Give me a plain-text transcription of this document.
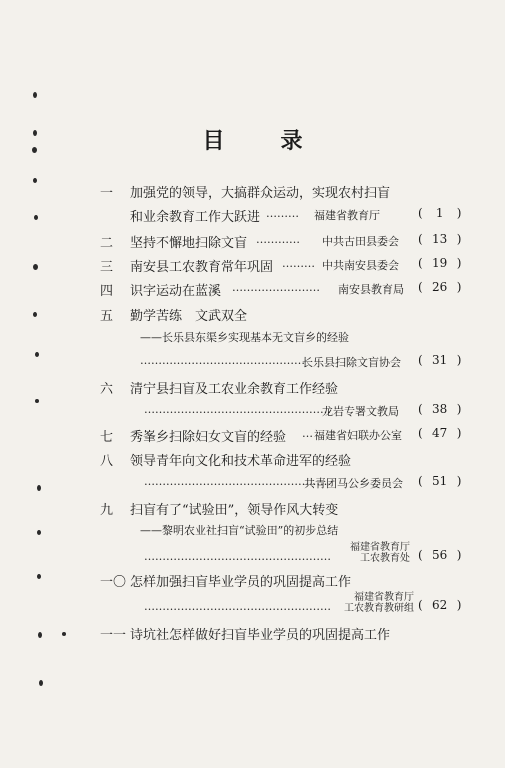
目	录
一	加强党的领导，大搞群众运动，实现农村扫盲
和业余教育工作大跃进 ……… 福建省教育厅	( 1 )
二	坚持不懈地扫除文盲 ………… 中共古田县委会 ( 13 )
三	南安县工农教育常年巩固 ……… 中共南安县委会 ( 19 )
四	识字运动在蓝溪 …………………… 南安县教育局 ( 26 )
五	勤学苦练　文武双全
——长乐县东渠乡实现基本无文盲乡的经验
………………………………………
长乐县扫除文盲协会 ( 31 )
六	清宁县扫盲及工农业余教育工作经验
……………………………………………
龙岩专署文教局 ( 38 )
七	秀峯乡扫除妇女文盲的经验 … 福建省妇联办公室 ( 47 )
八	领导青年向文化和技术革命进军的经验
……………………………………………
共青团马公乡委员会 ( 51 )
九	扫盲有了“试验田”，领导作风大转变
——黎明农业社扫盲“试验田”的初步总结
……………………………………………
福建省教育厅
工农教育处 ( 56 )
一〇 怎样加强扫盲毕业学员的巩固提高工作
……………………………………………
福建省教育厅
工农教育教研组 ( 62 )
一一 诗坑社怎样做好扫盲毕业学员的巩固提高工作
